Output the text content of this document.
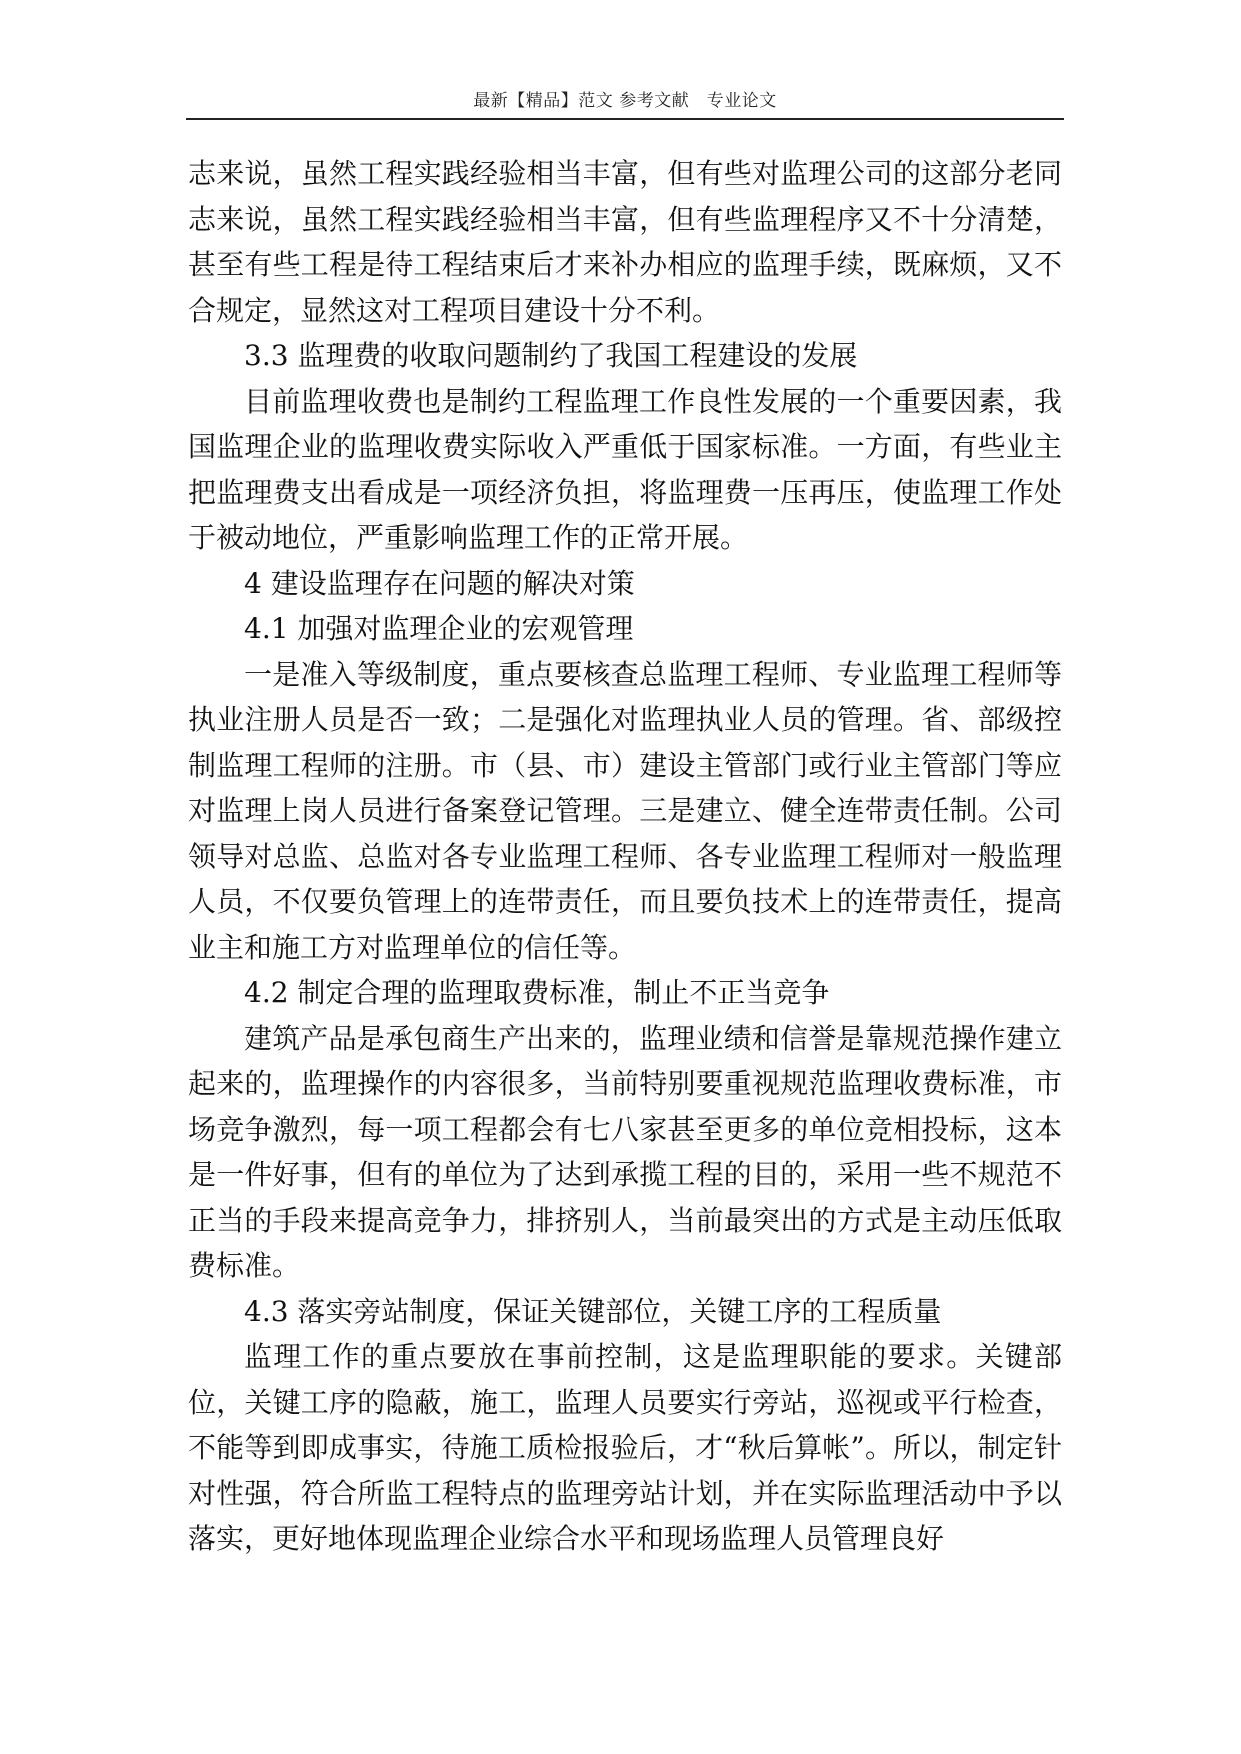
最新【精品】范文 参考文献　专业论文

志来说，虽然工程实践经验相当丰富，但有些对监理公司的这部分老同志来说，虽然工程实践经验相当丰富，但有些监理程序又不十分清楚，甚至有些工程是待工程结束后才来补办相应的监理手续，既麻烦，又不合规定，显然这对工程项目建设十分不利。

3.3 监理费的收取问题制约了我国工程建设的发展

目前监理收费也是制约工程监理工作良性发展的一个重要因素，我国监理企业的监理收费实际收入严重低于国家标准。一方面，有些业主把监理费支出看成是一项经济负担，将监理费一压再压，使监理工作处于被动地位，严重影响监理工作的正常开展。

4 建设监理存在问题的解决对策

4.1 加强对监理企业的宏观管理

一是准入等级制度，重点要核查总监理工程师、专业监理工程师等执业注册人员是否一致；二是强化对监理执业人员的管理。省、部级控制监理工程师的注册。市（县、市）建设主管部门或行业主管部门等应对监理上岗人员进行备案登记管理。三是建立、健全连带责任制。公司领导对总监、总监对各专业监理工程师、各专业监理工程师对一般监理人员，不仅要负管理上的连带责任，而且要负技术上的连带责任，提高业主和施工方对监理单位的信任等。

4.2 制定合理的监理取费标准，制止不正当竞争

建筑产品是承包商生产出来的，监理业绩和信誉是靠规范操作建立起来的，监理操作的内容很多，当前特别要重视规范监理收费标准，市场竞争激烈，每一项工程都会有七八家甚至更多的单位竞相投标，这本是一件好事，但有的单位为了达到承揽工程的目的，采用一些不规范不正当的手段来提高竞争力，排挤别人，当前最突出的方式是主动压低取费标准。

4.3 落实旁站制度，保证关键部位，关键工序的工程质量

监理工作的重点要放在事前控制，这是监理职能的要求。关键部位，关键工序的隐蔽，施工，监理人员要实行旁站，巡视或平行检查，不能等到即成事实，待施工质检报验后，才“秋后算帐”。所以，制定针对性强，符合所监工程特点的监理旁站计划，并在实际监理活动中予以落实，更好地体现监理企业综合水平和现场监理人员管理良好
